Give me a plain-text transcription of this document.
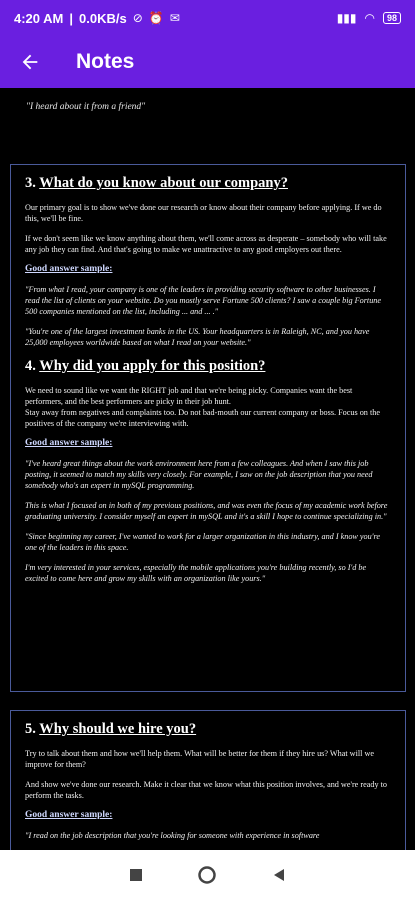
4:20 AM | 0.0KB/s ⊘ ⏰ ✉	▮▮▮ ◠	98
Notes
"I heard about it from a friend"
3. What do you know about our company?

Our primary goal is to show we've done our research or know about their company before applying. If we do this, we'll be fine.

If we don't seem like we know anything about them, we'll come across as desperate – somebody who will take any job they can find. And that's going to make we unattractive to any good employers out there.

Good answer sample:

"From what I read, your company is one of the leaders in providing security software to other businesses. I read the list of clients on your website. Do you mostly serve Fortune 500 clients? I saw a couple big Fortune 500 companies mentioned on the list, including ... and ... ."

"You're one of the largest investment banks in the US. Your headquarters is in Raleigh, NC, and you have 25,000 employees worldwide based on what I read on your website."

4. Why did you apply for this position?

We need to sound like we want the RIGHT job and that we're being picky. Companies want the best performers, and the best performers are picky in their job hunt.

Stay away from negatives and complaints too. Do not bad-mouth our current company or boss. Focus on the positives of the company we're interviewing with.

Good answer sample:

"I've heard great things about the work environment here from a few colleagues. And when I saw this job posting, it seemed to match my skills very closely. For example, I saw on the job description that you need somebody who's an expert in mySQL programming.

This is what I focused on in both of my previous positions, and was even the focus of my academic work before graduating university. I consider myself an expert in mySQL and it's a skill I hope to continue specializing in."

"Since beginning my career, I've wanted to work for a larger organization in this industry, and I know you're one of the leaders in this space.

I'm very interested in your services, especially the mobile applications you're building recently, so I'd be excited to come here and grow my skills with an organization like yours."

5. Why should we hire you?

Try to talk about them and how we'll help them. What will be better for them if they hire us? What will we improve for them?

And show we've done our research. Make it clear that we know what this position involves, and we're ready to perform the tasks.

Good answer sample:

"I read on the job description that you're looking for someone with experience in software
